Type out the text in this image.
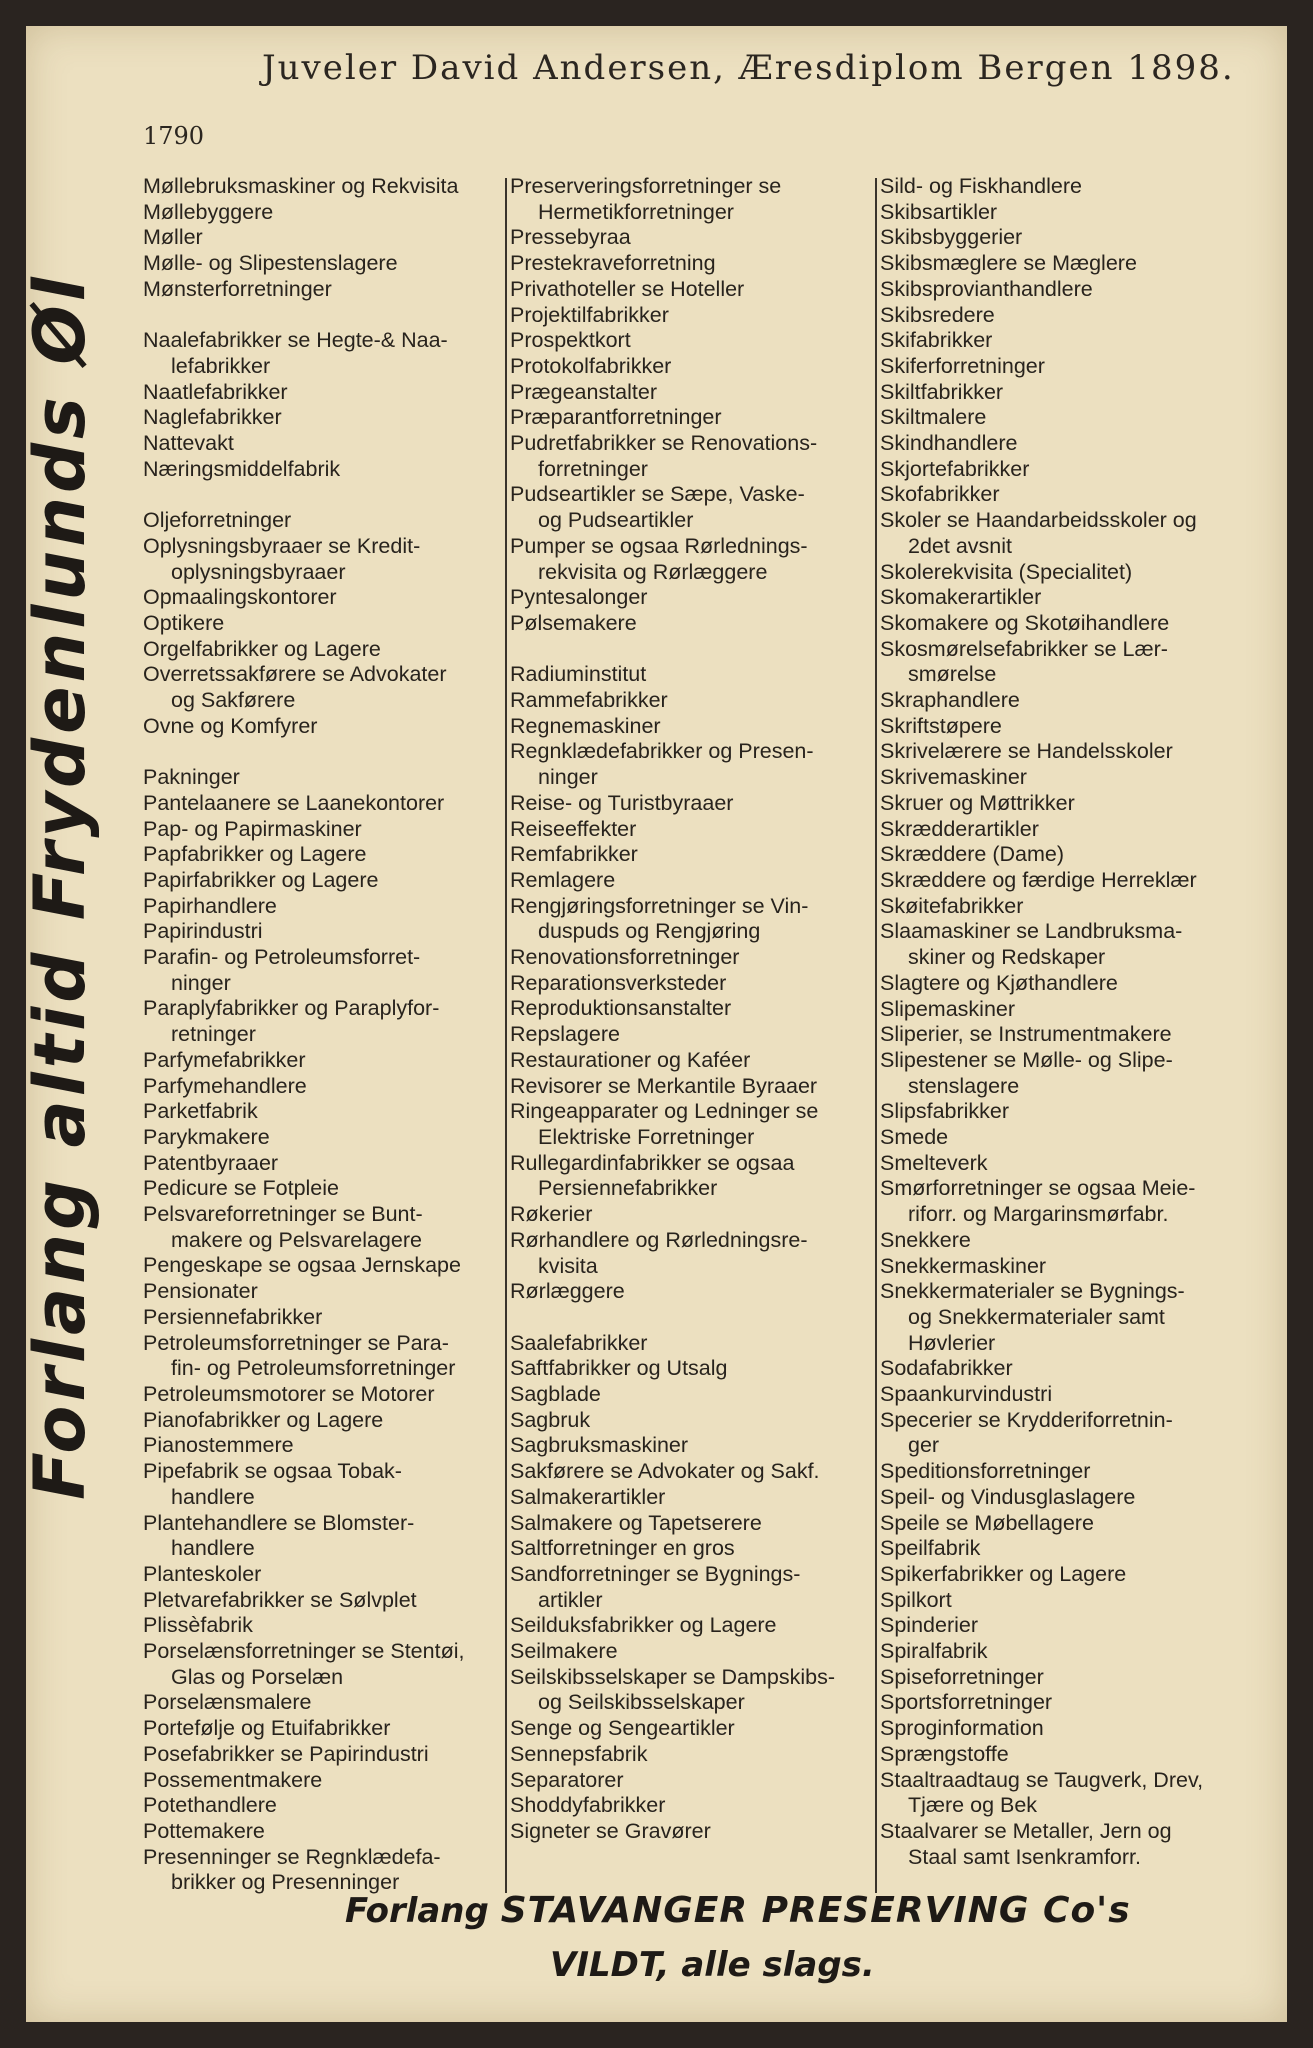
Juveler David Andersen, Æresdiplom Bergen 1898.
1790
Forlang altid Frydenlunds Øl
Møllebruksmaskiner og Rekvisita
Møllebyggere
Møller
Mølle- og Slipestenslagere
Mønsterforretninger
Naalefabrikker se Hegte-& Naa-
lefabrikker
Naatlefabrikker
Naglefabrikker
Nattevakt
Næringsmiddelfabrik
Oljeforretninger
Oplysningsbyraaer se Kredit-
oplysningsbyraaer
Opmaalingskontorer
Optikere
Orgelfabrikker og Lagere
Overretssakførere se Advokater
og Sakførere
Ovne og Komfyrer
Pakninger
Pantelaanere se Laanekontorer
Pap- og Papirmaskiner
Papfabrikker og Lagere
Papirfabrikker og Lagere
Papirhandlere
Papirindustri
Parafin- og Petroleumsforret-
ninger
Paraplyfabrikker og Paraplyfor-
retninger
Parfymefabrikker
Parfymehandlere
Parketfabrik
Parykmakere
Patentbyraaer
Pedicure se Fotpleie
Pelsvareforretninger se Bunt-
makere og Pelsvarelagere
Pengeskape se ogsaa Jernskape
Pensionater
Persiennefabrikker
Petroleumsforretninger se Para-
fin- og Petroleumsforretninger
Petroleumsmotorer se Motorer
Pianofabrikker og Lagere
Pianostemmere
Pipefabrik se ogsaa Tobak-
handlere
Plantehandlere se Blomster-
handlere
Planteskoler
Pletvarefabrikker se Sølvplet
Plissèfabrik
Porselænsforretninger se Stentøi,
Glas og Porselæn
Porselænsmalere
Portefølje og Etuifabrikker
Posefabrikker se Papirindustri
Possementmakere
Potethandlere
Pottemakere
Presenninger se Regnklædefa-
brikker og Presenninger
Preserveringsforretninger se
Hermetikforretninger
Pressebyraa
Prestekraveforretning
Privathoteller se Hoteller
Projektilfabrikker
Prospektkort
Protokolfabrikker
Prægeanstalter
Præparantforretninger
Pudretfabrikker se Renovations-
forretninger
Pudseartikler se Sæpe, Vaske-
og Pudseartikler
Pumper se ogsaa Rørlednings-
rekvisita og Rørlæggere
Pyntesalonger
Pølsemakere
Radiuminstitut
Rammefabrikker
Regnemaskiner
Regnklædefabrikker og Presen-
ninger
Reise- og Turistbyraaer
Reiseeffekter
Remfabrikker
Remlagere
Rengjøringsforretninger se Vin-
duspuds og Rengjøring
Renovationsforretninger
Reparationsverksteder
Reproduktionsanstalter
Repslagere
Restaurationer og Kaféer
Revisorer se Merkantile Byraaer
Ringeapparater og Ledninger se
Elektriske Forretninger
Rullegardinfabrikker se ogsaa
Persiennefabrikker
Røkerier
Rørhandlere og Rørledningsre-
kvisita
Rørlæggere
Saalefabrikker
Saftfabrikker og Utsalg
Sagblade
Sagbruk
Sagbruksmaskiner
Sakførere se Advokater og Sakf.
Salmakerartikler
Salmakere og Tapetserere
Saltforretninger en gros
Sandforretninger se Bygnings-
artikler
Seilduksfabrikker og Lagere
Seilmakere
Seilskibsselskaper se Dampskibs-
og Seilskibsselskaper
Senge og Sengeartikler
Sennepsfabrik
Separatorer
Shoddyfabrikker
Signeter se Gravører
Sild- og Fiskhandlere
Skibsartikler
Skibsbyggerier
Skibsmæglere se Mæglere
Skibsprovianthandlere
Skibsredere
Skifabrikker
Skiferforretninger
Skiltfabrikker
Skiltmalere
Skindhandlere
Skjortefabrikker
Skofabrikker
Skoler se Haandarbeidsskoler og
2det avsnit
Skolerekvisita (Specialitet)
Skomakerartikler
Skomakere og Skotøihandlere
Skosmørelsefabrikker se Lær-
smørelse
Skraphandlere
Skriftstøpere
Skrivelærere se Handelsskoler
Skrivemaskiner
Skruer og Møttrikker
Skrædderartikler
Skræddere (Dame)
Skræddere og færdige Herreklær
Skøitefabrikker
Slaamaskiner se Landbruksma-
skiner og Redskaper
Slagtere og Kjøthandlere
Slipemaskiner
Sliperier, se Instrumentmakere
Slipestener se Mølle- og Slipe-
stenslagere
Slipsfabrikker
Smede
Smelteverk
Smørforretninger se ogsaa Meie-
riforr. og Margarinsmørfabr.
Snekkere
Snekkermaskiner
Snekkermaterialer se Bygnings-
og Snekkermaterialer samt Høvlerier
Sodafabrikker
Spaankurvindustri
Specerier se Krydderiforretnin-
ger
Speditionsforretninger
Speil- og Vindusglaslagere
Speile se Møbellagere
Speilfabrik
Spikerfabrikker og Lagere
Spilkort
Spinderier
Spiralfabrik
Spiseforretninger
Sportsforretninger
Sproginformation
Sprængstoffe
Staaltraadtaug se Taugverk, Drev,
Tjære og Bek
Staalvarer se Metaller, Jern og
Staal samt Isenkramforr.
Forlang STAVANGER PRESERVING Co's
VILDT, alle slags.
